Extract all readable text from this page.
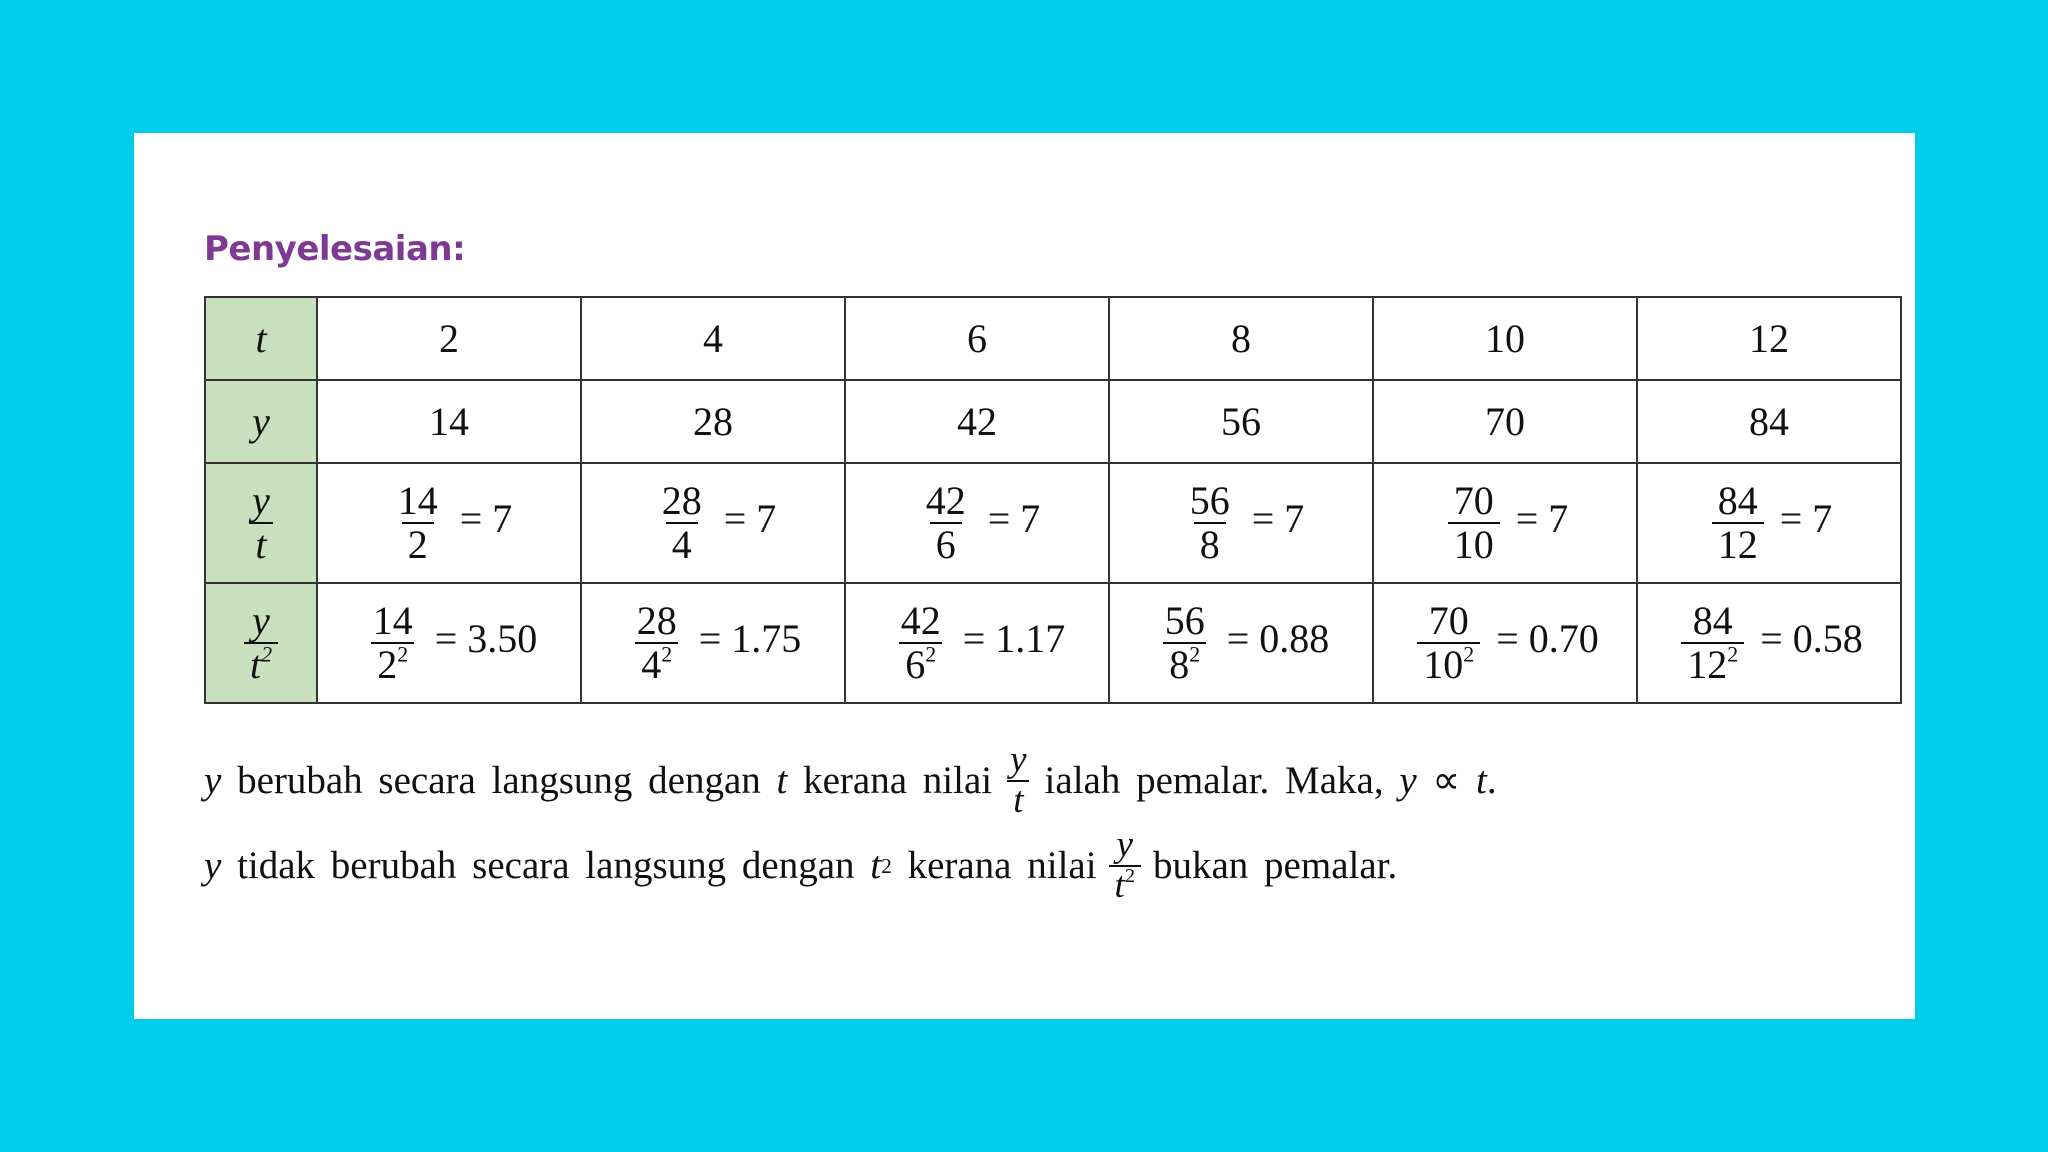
Penyelesaian:
t	2	4	6	8	10	12
y	14	28	42	56	70	84

$\frac{y}{t}$	$\frac{14}{2} = 7$	$\frac{28}{4} = 7$	$\frac{42}{6} = 7$	$\frac{56}{8} = 7$	$\frac{70}{10} = 7$	$\frac{84}{12} = 7$

$\frac{y}{t^2}$	$\frac{14}{2^2} = 3.50$	$\frac{28}{4^2} = 1.75$	$\frac{42}{6^2} = 1.17$	$\frac{56}{8^2} = 0.88$	$\frac{70}{10^2} = 0.70$	$\frac{84}{12^2} = 0.58$
y
berubah secara langsung dengan
t
kerana nilai $\frac{y}{t}$ ialah pemalar. Maka,
y
∝
t .
y
tidak berubah secara langsung dengan
t 2
kerana nilai $\frac{y}{t^2}$ bukan pemalar.
